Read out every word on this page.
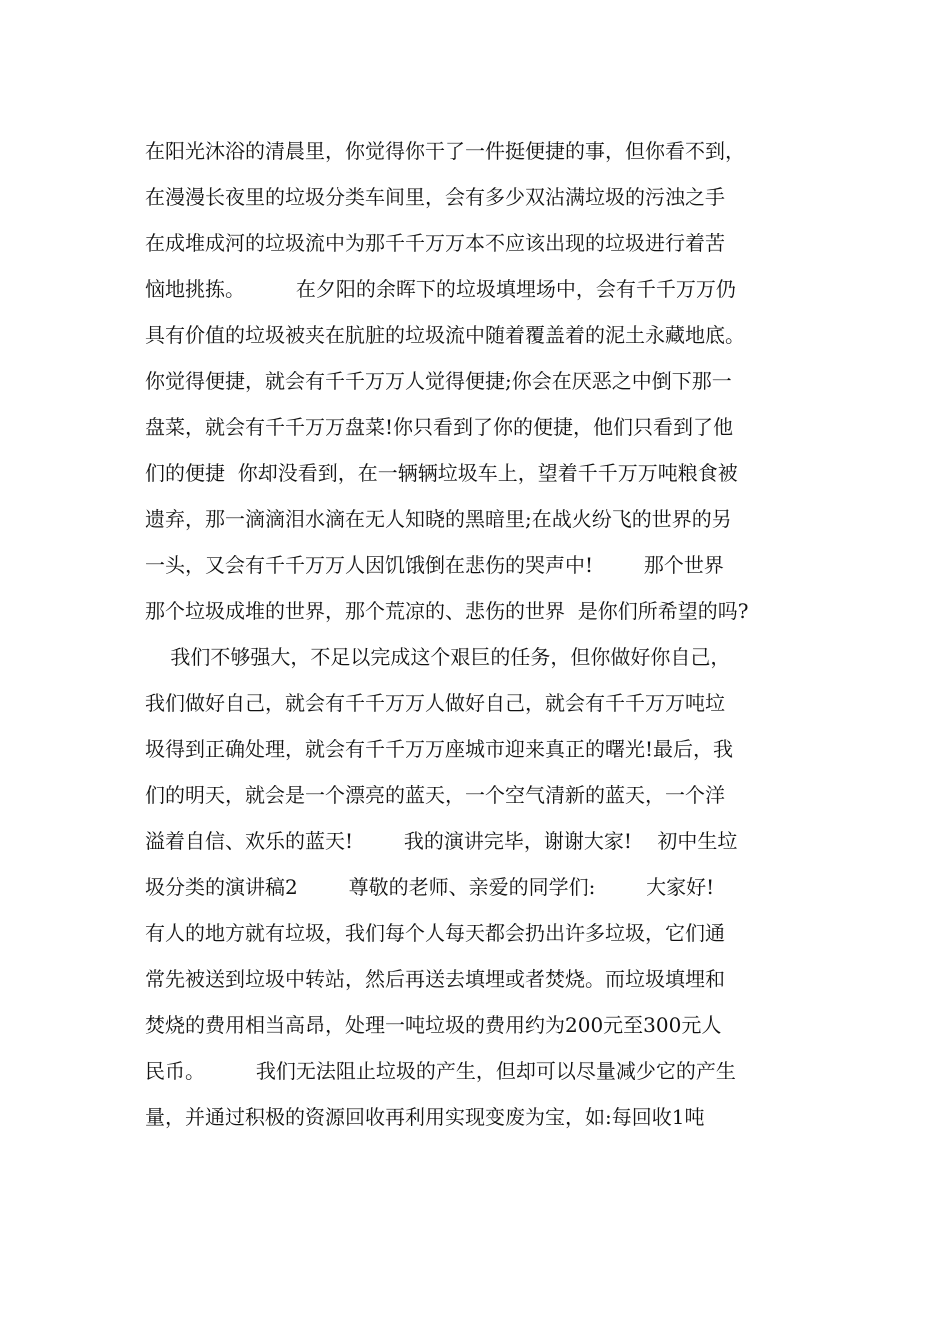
在阳光沐浴的清晨里，你觉得你干了一件挺便捷的事，但你看不到，
在漫漫长夜里的垃圾分类车间里，会有多少双沾满垃圾的污浊之手
在成堆成河的垃圾流中为那千千万万本不应该出现的垃圾进行着苦
恼地挑拣。        在夕阳的余晖下的垃圾填埋场中，会有千千万万仍
具有价值的垃圾被夹在肮脏的垃圾流中随着覆盖着的泥土永藏地底。
你觉得便捷，就会有千千万万人觉得便捷;你会在厌恶之中倒下那一
盘菜，就会有千千万万盘菜!你只看到了你的便捷，他们只看到了他
们的便捷  你却没看到，在一辆辆垃圾车上，望着千千万万吨粮食被
遗弃，那一滴滴泪水滴在无人知晓的黑暗里;在战火纷飞的世界的另
一头，又会有千千万万人因饥饿倒在悲伤的哭声中!        那个世界
那个垃圾成堆的世界，那个荒凉的、悲伤的世界  是你们所希望的吗?
我们不够强大，不足以完成这个艰巨的任务，但你做好你自己，
我们做好自己，就会有千千万万人做好自己，就会有千千万万吨垃
圾得到正确处理，就会有千千万万座城市迎来真正的曙光!最后，我
们的明天，就会是一个漂亮的蓝天，一个空气清新的蓝天，一个洋
溢着自信、欢乐的蓝天!        我的演讲完毕，谢谢大家!    初中生垃
圾分类的演讲稿2        尊敬的老师、亲爱的同学们:        大家好!
有人的地方就有垃圾，我们每个人每天都会扔出许多垃圾，它们通
常先被送到垃圾中转站，然后再送去填埋或者焚烧。而垃圾填埋和
焚烧的费用相当高昂，处理一吨垃圾的费用约为200元至300元人
民币。        我们无法阻止垃圾的产生，但却可以尽量减少它的产生
量，并通过积极的资源回收再利用实现变废为宝，如:每回收1吨
